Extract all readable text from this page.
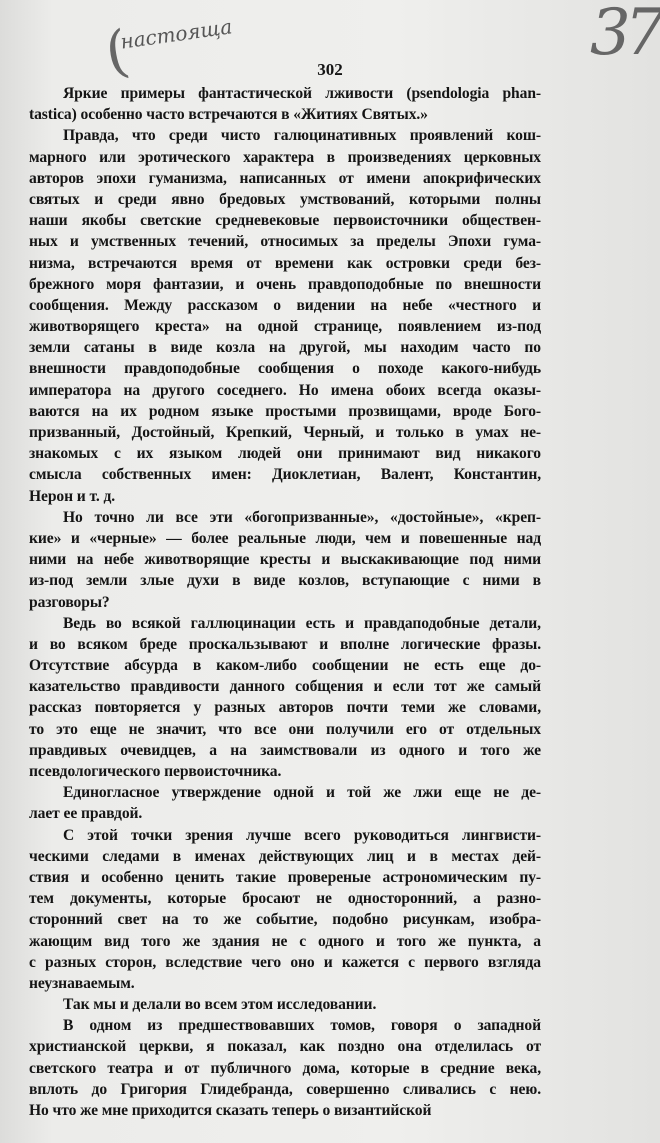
(
настояща	37
302
Яркие примеры фантастической лживости (psendologia phan-
tastica) особенно часто встречаются в «Житиях Святых.»
Правда, что среди чисто галюцинативных проявлений кош-
марного или эротического характера в произведениях церковных
авторов эпохи гуманизма, написанных от имени апокрифических
святых и среди явно бредовых умствований, которыми полны
наши якобы светские средневековые первоисточники обществен-
ных и умственных течений, относимых за пределы Эпохи гума-
низма, встречаются время от времени как островки среди без-
брежного моря фантазии, и очень правдоподобные по внешности
сообщения. Между рассказом о видении на небе «честного и
животворящего креста» на одной странице, появлением из-под
земли сатаны в виде козла на другой, мы находим часто по
внешности правдоподобные сообщения о походе какого-нибудь
императора на другого соседнего. Но имена обоих всегда оказы-
ваются на их родном языке простыми прозвищами, вроде Бого-
призванный, Достойный, Крепкий, Черный, и только в умах не-
знакомых с их языком людей они принимают вид никакого
смысла собственных имен: Диоклетиан, Валент, Константин,
Нерон и т. д.
Но точно ли все эти «богопризванные», «достойные», «креп-
кие» и «черные» — более реальные люди, чем и повешенные над
ними на небе животворящие кресты и выскакивающие под ними
из-под земли злые духи в виде козлов, вступающие с ними в
разговоры?
Ведь во всякой галлюцинации есть и правдаподобные детали,
и во всяком бреде проскальзывают и вполне логические фразы.
Отсутствие абсурда в каком-либо сообщении не есть еще до-
казательство правдивости данного собщения и если тот же самый
рассказ повторяется у разных авторов почти теми же словами,
то это еще не значит, что все они получили его от отдельных
правдивых очевидцев, а на заимствовали из одного и того же
псевдологического первоисточника.
Единогласное утверждение одной и той же лжи еще не де-
лает ее правдой.
С этой точки зрения лучше всего руководиться лингвисти-
ческими следами в именах действующих лиц и в местах дей-
ствия и особенно ценить такие провереные астрономическим пу-
тем документы, которые бросают не односторонний, а разно-
сторонний свет на то же событие, подобно рисункам, изобра-
жающим вид того же здания не с одного и того же пункта, а
с разных сторон, вследствие чего оно и кажется с первого взгляда
неузнаваемым.
Так мы и делали во всем этом исследовании.
В одном из предшествовавших томов, говоря о западной
христианской церкви, я показал, как поздно она отделилась от
светского театра и от публичного дома, которые в средние века,
вплоть до Григория Глидебранда, совершенно сливались с нею.
Но что же мне приходится сказать теперь о византийской
